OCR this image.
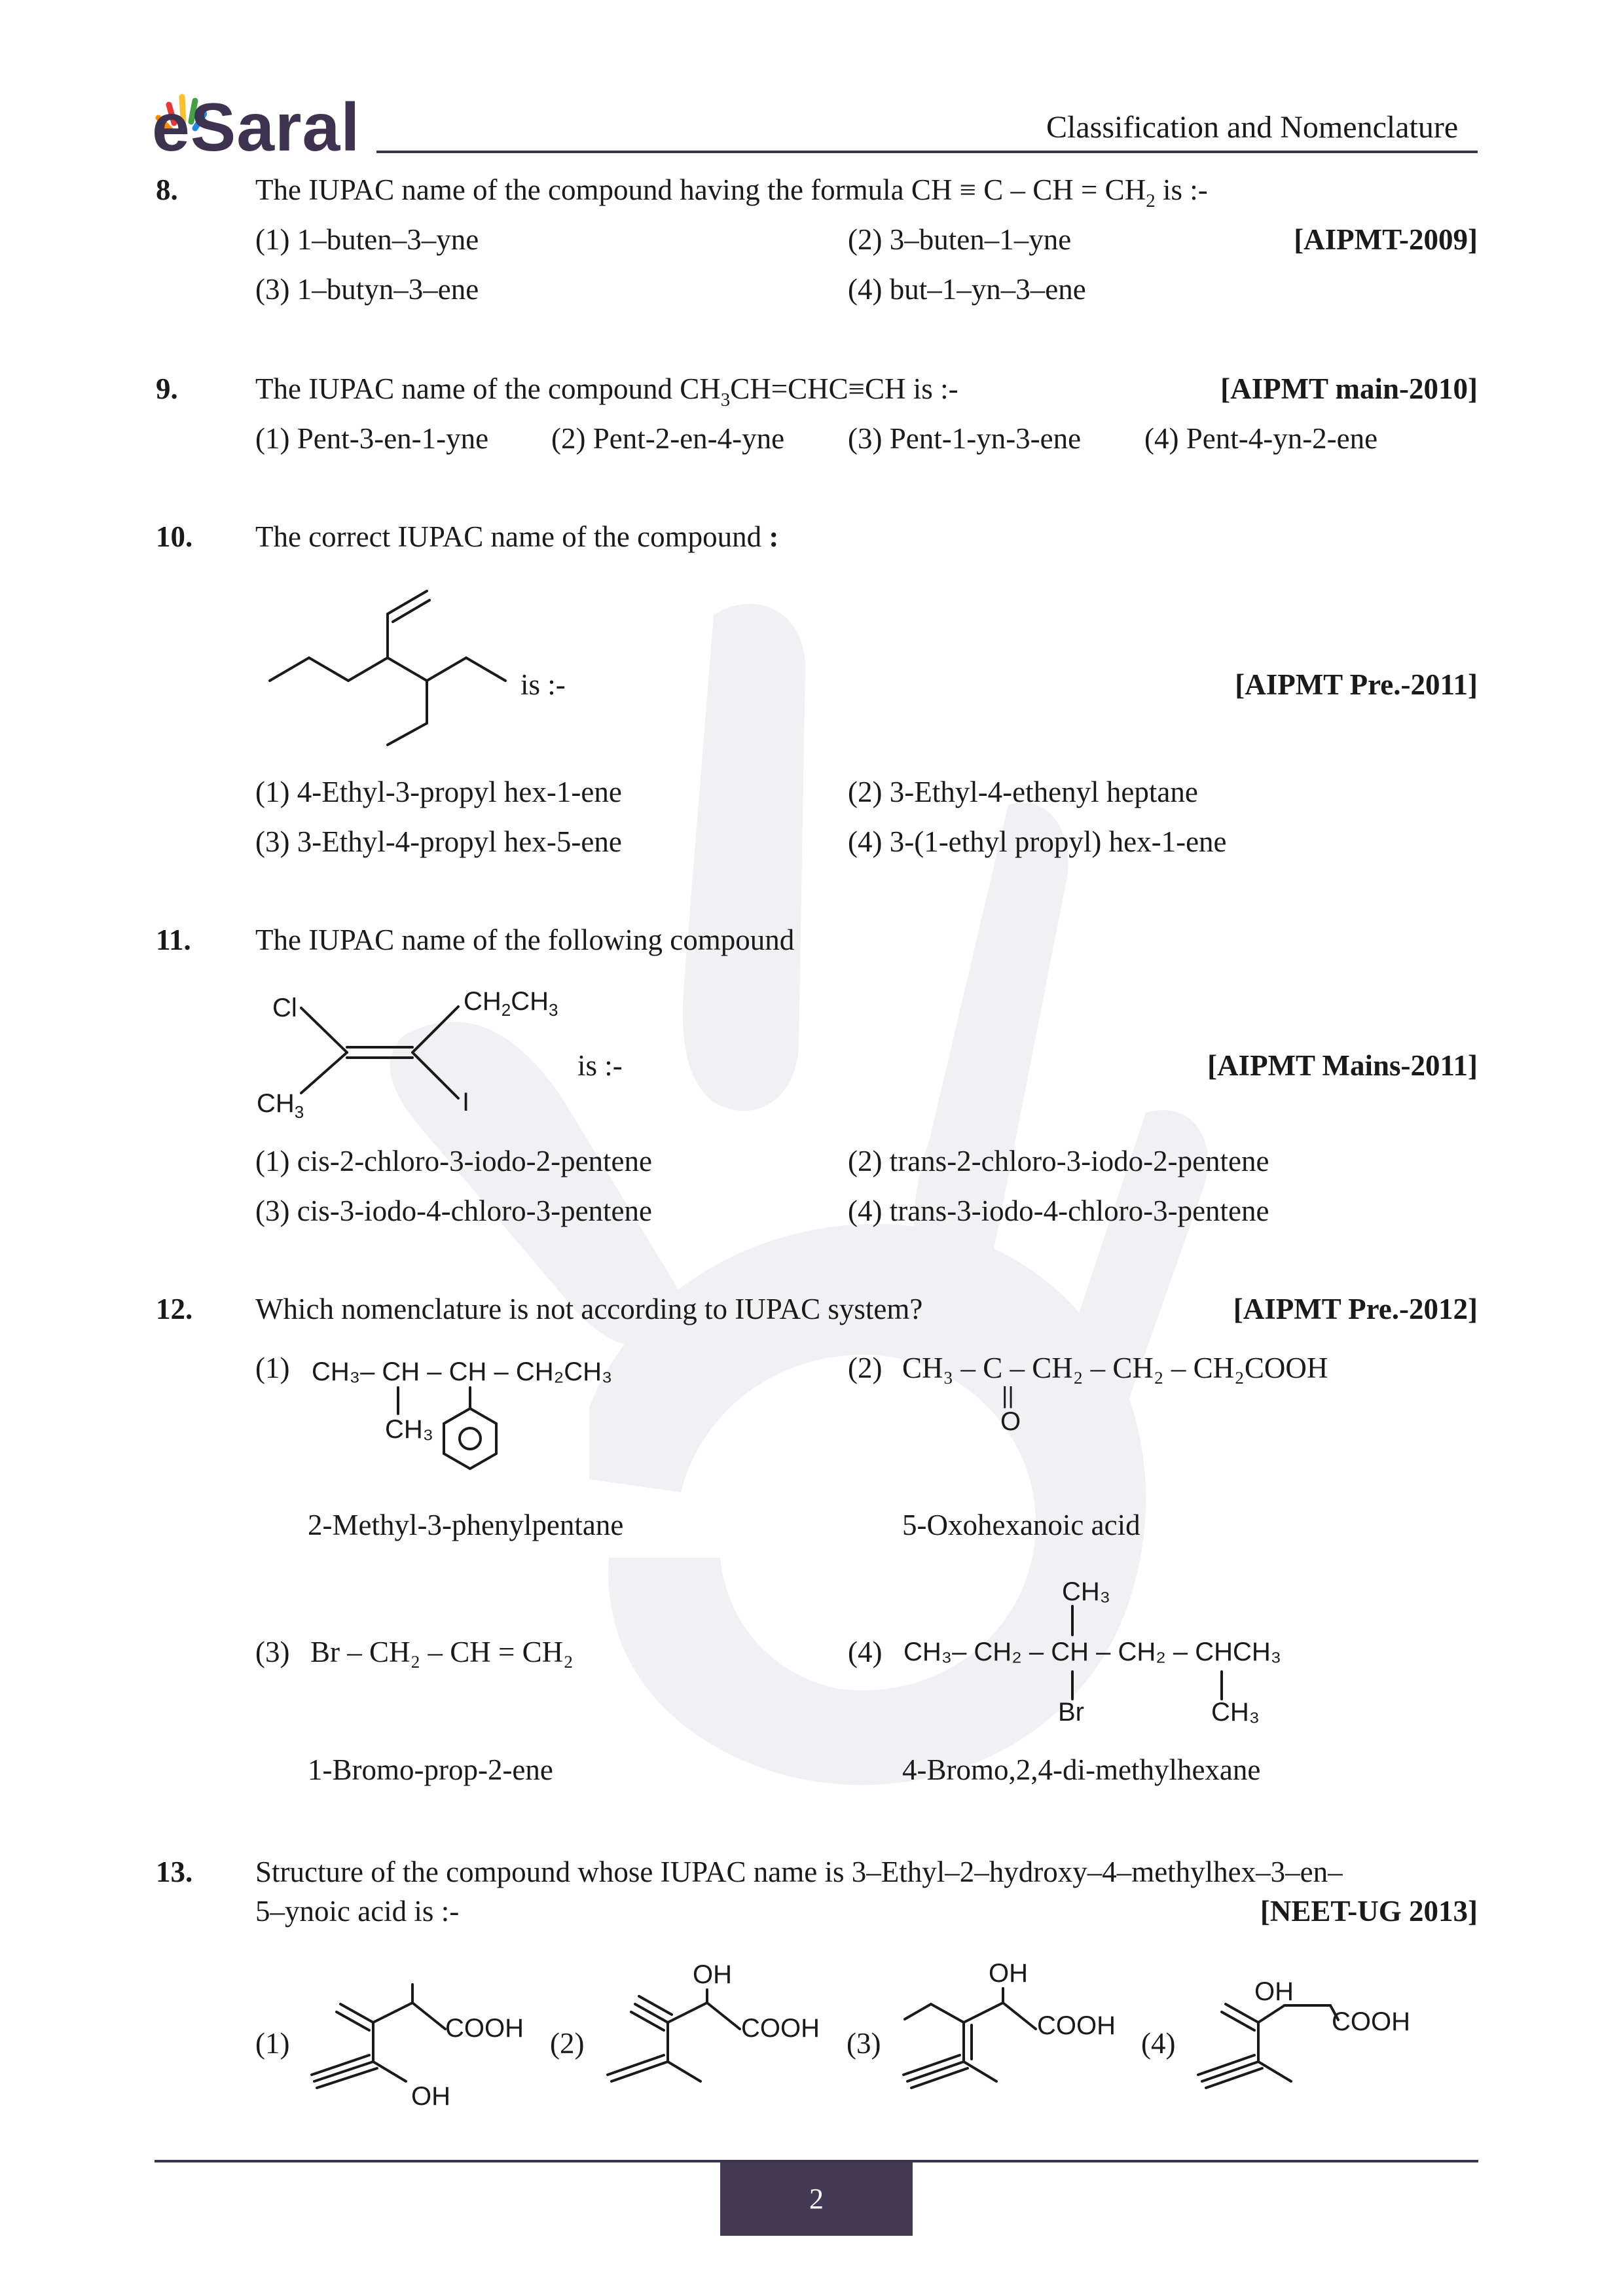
eSaral	Classification and Nomenclature
8.	The IUPAC name of the compound having the formula CH ≡ C – CH = $CH_2$ is :-
(1) 1–buten–3–yne	(2) 3–buten–1–yne	[AIPMT-2009]
(3) 1–butyn–3–ene	(4) but–1–yn–3–ene
9.	The IUPAC name of the compound $CH_3CH=CHC\equiv CH$ is :-	[AIPMT main-2010]
(1) Pent-3-en-1-yne (2) Pent-2-en-4-yne (3) Pent-1-yn-3-ene (4) Pent-4-yn-2-ene
10. The correct IUPAC name of the compound :
is :-	[AIPMT Pre.-2011]
(1) 4-Ethyl-3-propyl hex-1-ene	(2) 3-Ethyl-4-ethenyl heptane
(3) 3-Ethyl-4-propyl hex-5-ene	(4) 3-(1-ethyl propyl) hex-1-ene
11. The IUPAC name of the following compound
Cl	$CH_2CH_3$
$CH_3$	I
is :-	[AIPMT Mains-2011]
(1) cis-2-chloro-3-iodo-2-pentene	(2) trans-2-chloro-3-iodo-2-pentene
(3) cis-3-iodo-4-chloro-3-pentene	(4) trans-3-iodo-4-chloro-3-pentene
12. Which nomenclature is not according to IUPAC system?	[AIPMT Pre.-2012]
(1) CH₃– CH – CH – CH₂CH₃
CH₃
2-Methyl-3-phenylpentane
(2) CH₃ – C – CH₂ – CH₂ – CH₂COOH
||
O
5-Oxohexanoic acid
(3) Br – CH₂ – CH = CH₂
1-Bromo-prop-2-ene
(4)
CH₃
CH₃– CH₂ – CH – CH₂ – CHCH₃
Br	CH₃
4-Bromo,2,4-di-methylhexane
13. Structure of the compound whose IUPAC name is 3–Ethyl–2–hydroxy–4–methylhex–3–en–
5–ynoic acid is :-	[NEET-UG 2013]
(1)	COOH
OH
(2)
OH
COOH (3)
OH
COOH
(4)
OH
COOH
2
